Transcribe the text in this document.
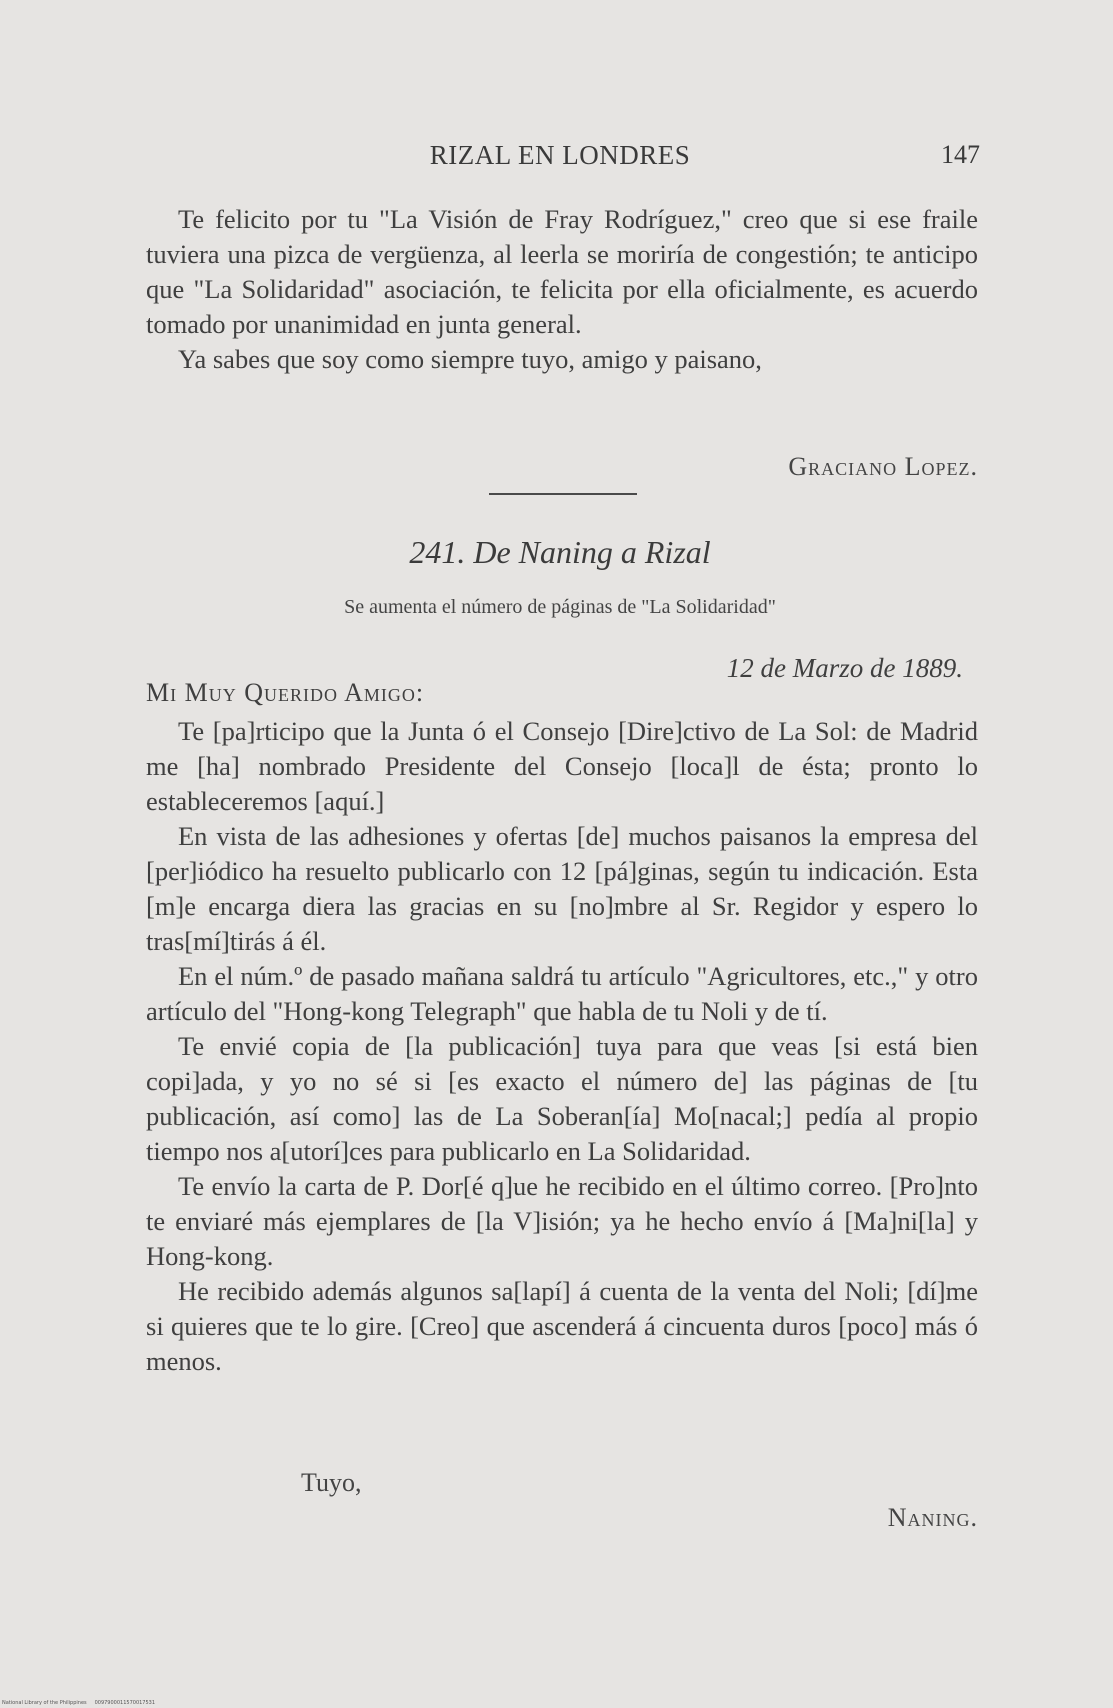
RIZAL EN LONDRES	147

Te felicito por tu "La Visión de Fray Rodríguez," creo que si ese fraile tuviera una pizca de vergüenza, al leerla se moriría de congestión; te anticipo que "La Solidaridad" asociación, te felicita por ella oficialmente, es acuerdo tomado por unanimidad en junta general.

Ya sabes que soy como siempre tuyo, amigo y paisano,

Graciano Lopez.
241. De Naning a Rizal
Se aumenta el número de páginas de "La Solidaridad"
12 de Marzo de 1889.
Mi Muy Querido Amigo:

Te [pa]rticipo que la Junta ó el Consejo [Dire]ctivo de La Sol: de Madrid me [ha] nombrado Presidente del Consejo [loca]l de ésta; pronto lo estableceremos [aquí.]

En vista de las adhesiones y ofertas [de] muchos paisanos la empresa del [per]iódico ha resuelto publicarlo con 12 [pá]ginas, según tu indicación. Esta [m]e encarga diera las gracias en su [no]mbre al Sr. Regidor y espero lo tras[mí]tirás á él.

En el núm.º de pasado mañana saldrá tu artículo "Agricultores, etc.," y otro artículo del "Hong-kong Telegraph" que habla de tu Noli y de tí.

Te envié copia de [la publicación] tuya para que veas [si está bien copi]ada, y yo no sé si [es exacto el número de] las páginas de [tu publicación, así como] las de La Soberan[ía] Mo[nacal;] pedía al propio tiempo nos a[utorí]ces para publicarlo en La Solidaridad.

Te envío la carta de P. Dor[é q]ue he recibido en el último correo. [Pro]nto te enviaré más ejemplares de [la V]isión; ya he hecho envío á [Ma]ni[la] y Hong-kong.

He recibido además algunos sa[lapí] á cuenta de la venta del Noli; [dí]me si quieres que te lo gire. [Creo] que ascenderá á cincuenta duros [poco] más ó menos.

Tuyo,
Naning.
National Library of the Philippines     0097900011570017531
